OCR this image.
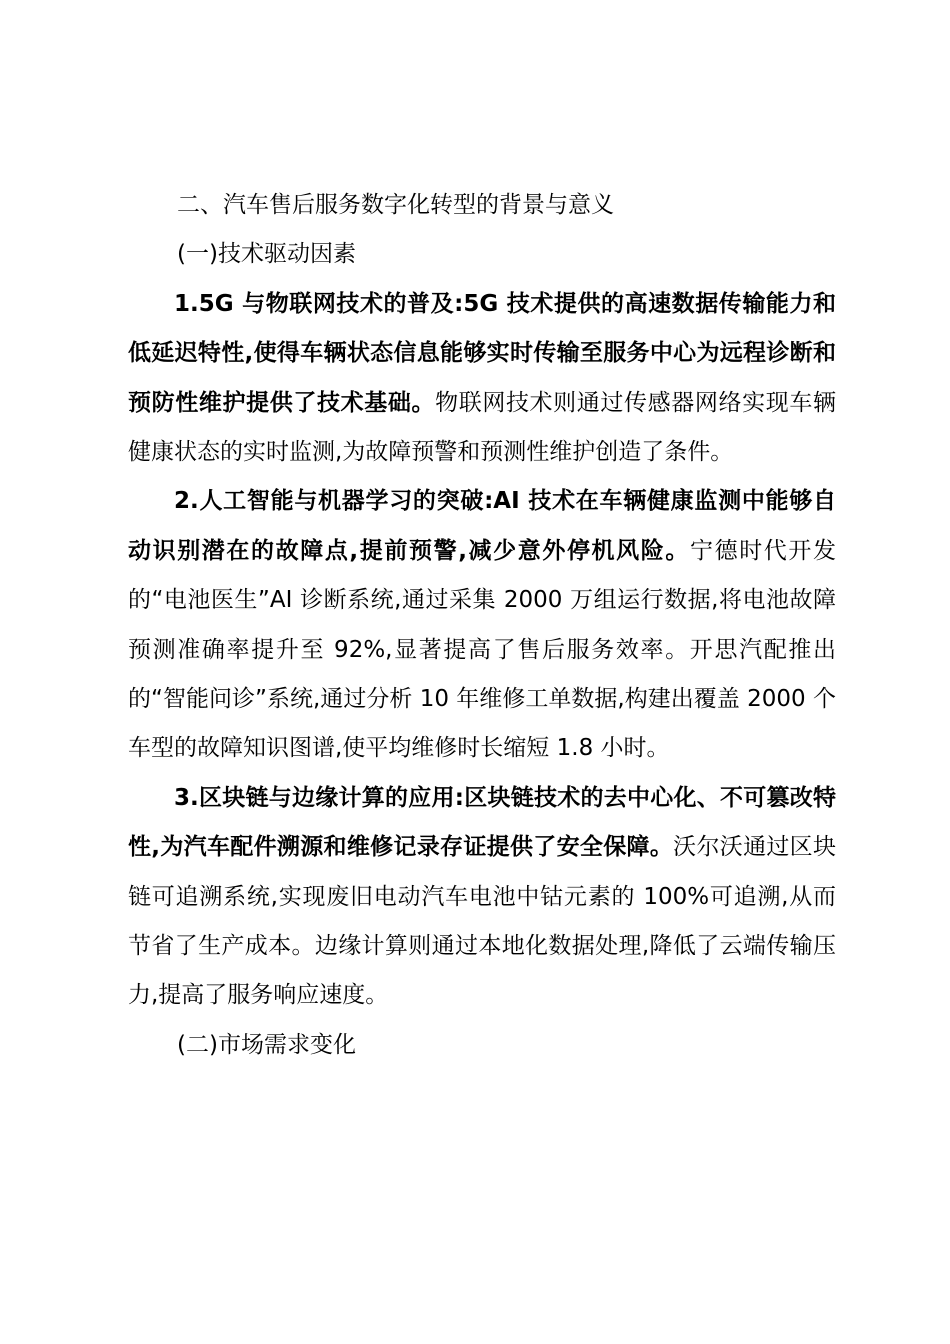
二、汽车售后服务数字化转型的背景与意义
(一)技术驱动因素

1.5G 与物联网技术的普及:5G 技术提供的高速数据传输能力和低延迟特性,使得车辆状态信息能够实时传输至服务中心为远程诊断和预防性维护提供了技术基础。物联网技术则通过传感器网络实现车辆健康状态的实时监测,为故障预警和预测性维护创造了条件。

2.人工智能与机器学习的突破:AI 技术在车辆健康监测中能够自动识别潜在的故障点,提前预警,减少意外停机风险。宁德时代开发的“电池医生”AI 诊断系统,通过采集 2000 万组运行数据,将电池故障预测准确率提升至 92%,显著提高了售后服务效率。开思汽配推出的“智能问诊”系统,通过分析 10 年维修工单数据,构建出覆盖 2000 个车型的故障知识图谱,使平均维修时长缩短 1.8 小时。

3.区块链与边缘计算的应用:区块链技术的去中心化、不可篡改特性,为汽车配件溯源和维修记录存证提供了安全保障。沃尔沃通过区块链可追溯系统,实现废旧电动汽车电池中钴元素的 100%可追溯,从而节省了生产成本。边缘计算则通过本地化数据处理,降低了云端传输压力,提高了服务响应速度。

(二)市场需求变化
